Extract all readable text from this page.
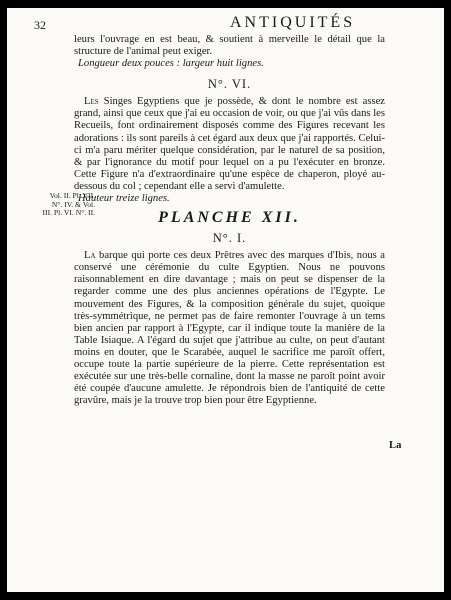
32	ANTIQUITÉS

leurs l'ouvrage en est beau, & soutient à merveille le détail que la structure de l'animal peut exiger.

Longueur deux pouces : largeur huit lignes.

N°. VI.

Les Singes Egyptiens que je possède, & dont le nombre est assez grand, ainsi que ceux que j'ai eu occasion de voir, ou que j'ai vûs dans les Recueils, font ordinairement disposés comme des Figures recevant les adorations : ils sont pareils à cet égard aux deux que j'ai rapportés. Celui-ci m'a paru mériter quelque considération, par le naturel de sa position, & par l'ignorance du motif pour lequel on a pu l'exécuter en bronze. Cette Figure n'a d'extraordinaire qu'une espèce de chaperon, ployé au-dessous du col ; cependant elle a servi d'amulette.

Hauteur treize lignes.

PLANCHE XII.

N°. I.

La barque qui porte ces deux Prêtres avec des marques d'Ibis, nous a conservé une cérémonie du culte Egyptien. Nous ne pouvons raisonnablement en dire davantage ; mais on peut se dispenser de la regarder comme une des plus anciennes opérations de l'Egypte. Le mouvement des Figures, & la composition générale du sujet, quoique très-symmétrique, ne permet pas de faire remonter l'ouvrage à un tems bien ancien par rapport à l'Egypte, car il indique toute la manière de la Table Isiaque. A l'égard du sujet que j'attribue au culte, on peut d'autant moins en douter, que le Scarabée, auquel le sacrifice me paroît offert, occupe toute la partie supérieure de la pierre. Cette représentation est exécutée sur une très-belle cornaline, dont la masse ne paroît point avoir été coupée d'aucune amulette. Je répondrois bien de l'antiquité de cette gravûre, mais je la trouve trop bien pour être Egyptienne.

Vol. II. Pl. VII.

N°. IV. & Vol.

III. Pl. VI. N°. II.

La
